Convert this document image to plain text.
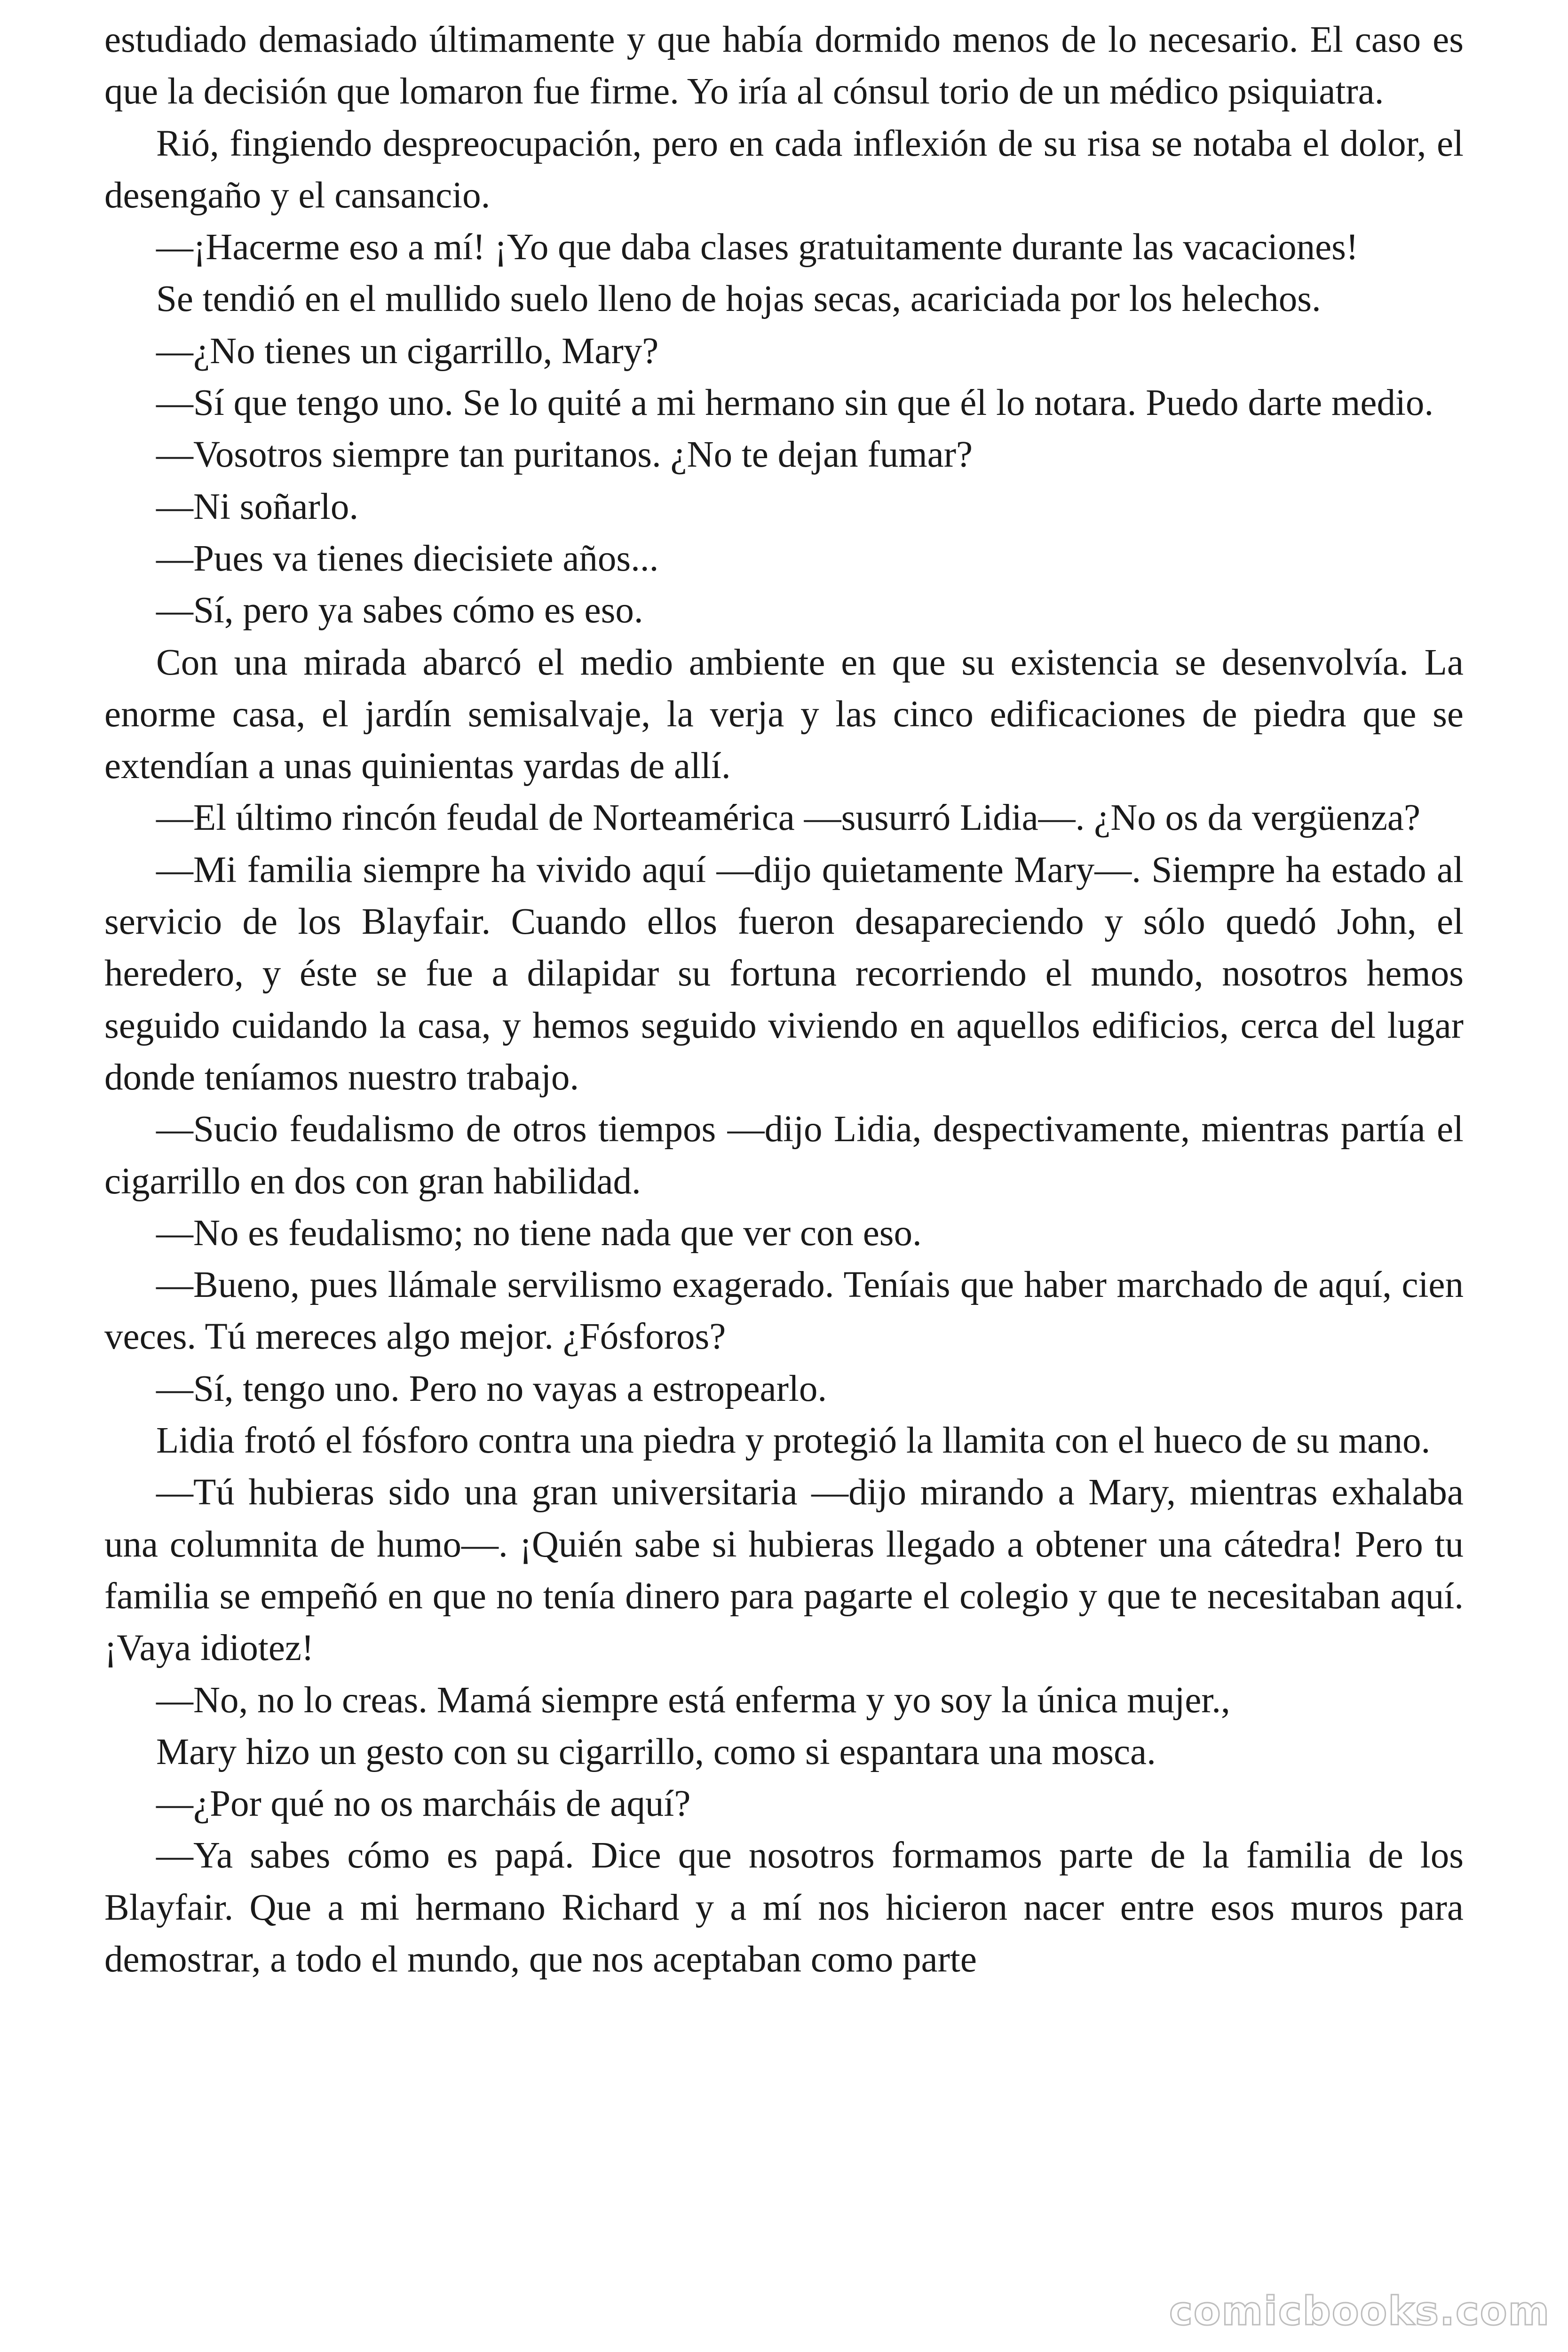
estudiado demasiado últimamente y que había dormido menos de lo necesario. El caso es que la decisión que lomaron fue firme. Yo iría al cónsul torio de un médico psiquiatra.

Rió, fingiendo despreocupación, pero en cada inflexión de su risa se notaba el dolor, el desengaño y el cansancio.

—¡Hacerme eso a mí! ¡Yo que daba clases gratuitamente durante las vacaciones!

Se tendió en el mullido suelo lleno de hojas secas, acariciada por los helechos.

—¿No tienes un cigarrillo, Mary?

—Sí que tengo uno. Se lo quité a mi hermano sin que él lo notara. Puedo darte medio.

—Vosotros siempre tan puritanos. ¿No te dejan fumar?

—Ni soñarlo.

—Pues va tienes diecisiete años...

—Sí, pero ya sabes cómo es eso.

Con una mirada abarcó el medio ambiente en que su existencia se desenvolvía. La enorme casa, el jardín semisalvaje, la verja y las cinco edificaciones de piedra que se extendían a unas quinientas yardas de allí.

—El último rincón feudal de Norteamérica —susurró Lidia—. ¿No os da vergüenza?

—Mi familia siempre ha vivido aquí —dijo quietamente Mary—. Siempre ha estado al servicio de los Blayfair. Cuando ellos fueron desapareciendo y sólo quedó John, el heredero, y éste se fue a dilapidar su fortuna recorriendo el mundo, nosotros hemos seguido cuidando la casa, y hemos seguido viviendo en aquellos edificios, cerca del lugar donde teníamos nuestro trabajo.

—Sucio feudalismo de otros tiempos —dijo Lidia, despectivamente, mientras partía el cigarrillo en dos con gran habilidad.

—No es feudalismo; no tiene nada que ver con eso.

—Bueno, pues llámale servilismo exagerado. Teníais que haber marchado de aquí, cien veces. Tú mereces algo mejor. ¿Fósforos?

—Sí, tengo uno. Pero no vayas a estropearlo.

Lidia frotó el fósforo contra una piedra y protegió la llamita con el hueco de su mano.

—Tú hubieras sido una gran universitaria —dijo mirando a Mary, mientras exhalaba una columnita de humo—. ¡Quién sabe si hubieras llegado a obtener una cátedra! Pero tu familia se empeñó en que no tenía dinero para pagarte el colegio y que te necesitaban aquí. ¡Vaya idiotez!

—No, no lo creas. Mamá siempre está enferma y yo soy la única mujer.,

Mary hizo un gesto con su cigarrillo, como si espantara una mosca.

—¿Por qué no os marcháis de aquí?

—Ya sabes cómo es papá. Dice que nosotros formamos parte de la familia de los Blayfair. Que a mi hermano Richard y a mí nos hicieron nacer entre esos muros para demostrar, a todo el mundo, que nos aceptaban como parte

comicbooks.com
